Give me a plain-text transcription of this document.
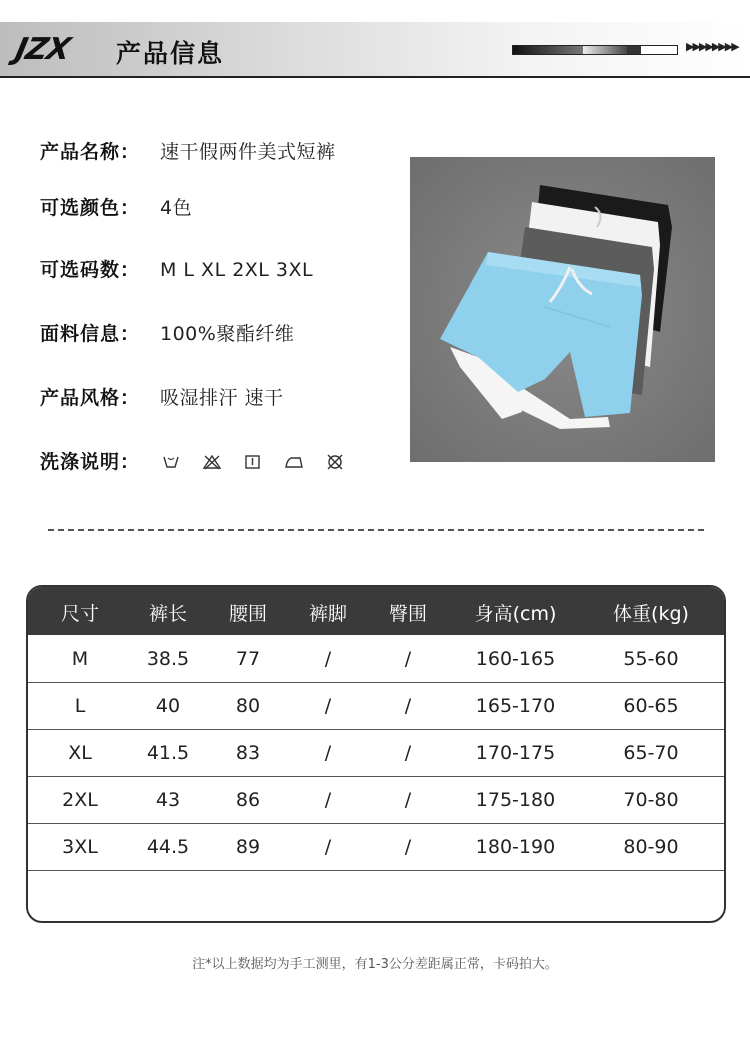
JZX 产品信息	▶▶▶▶▶▶▶▶
产品名称： 速干假两件美式短裤
可选颜色： 4色
可选码数： M L XL 2XL 3XL
面料信息： 100%聚酯纤维
产品风格： 吸湿排汗 速干
洗涤说明：
尺寸	裤长	腰围	裤脚	臀围	身高(cm)	体重(kg)
M	38.5	77	/	/	160-165	55-60
L	40	80	/	/	165-170	60-65
XL	41.5	83	/	/	170-175	65-70
2XL	43	86	/	/	175-180	70-80
3XL	44.5	89	/	/	180-190	80-90
注*以上数据均为手工测里，有1-3公分差距属正常，卡码拍大。
